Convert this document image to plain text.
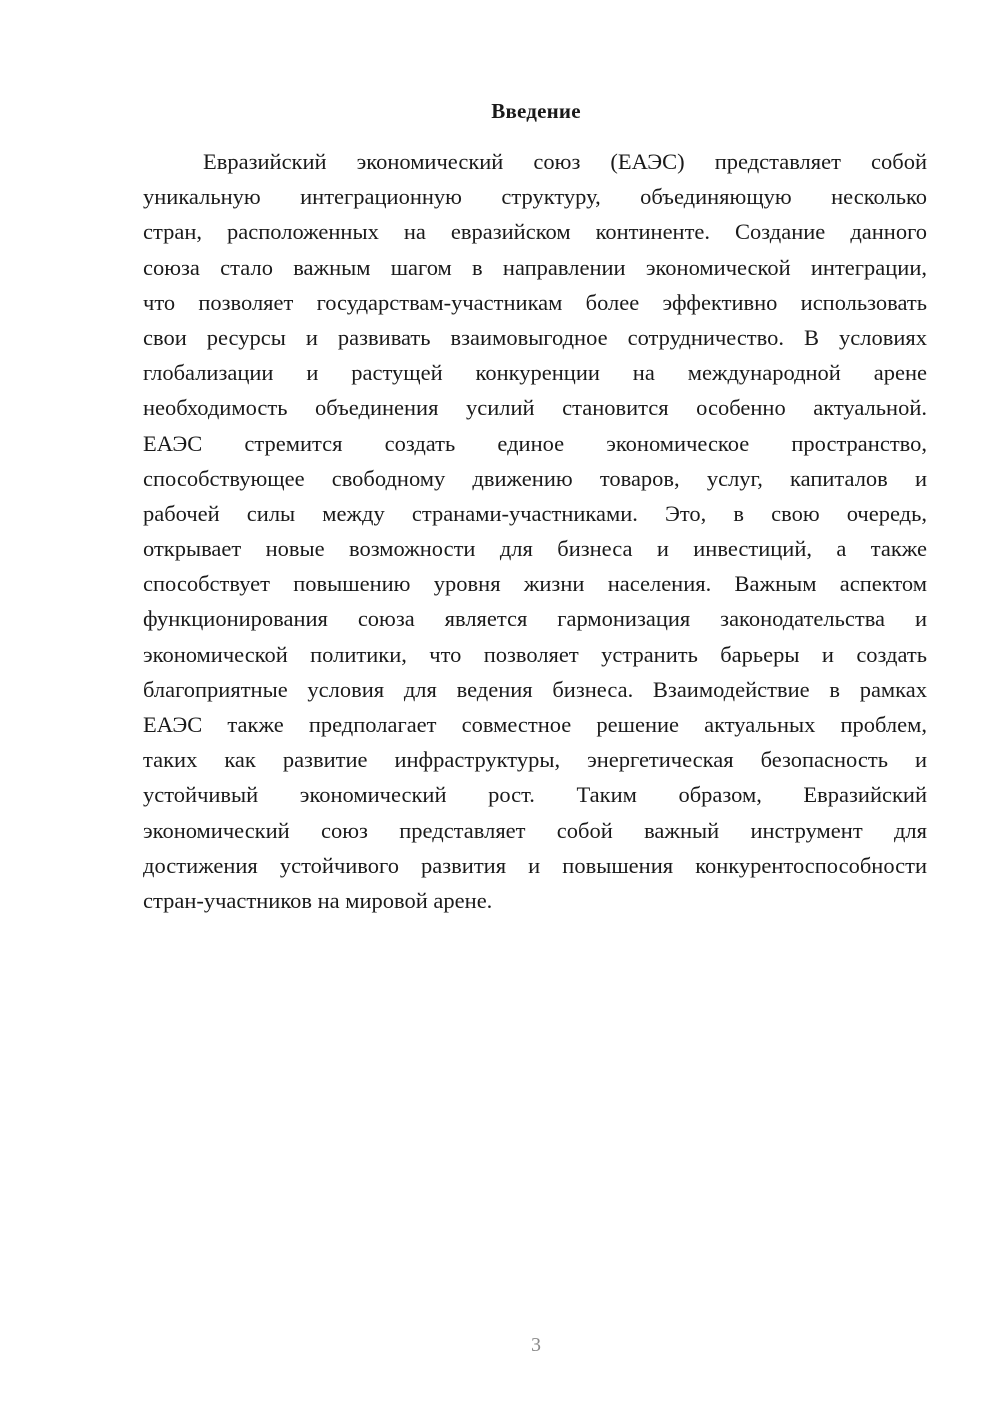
Введение
Евразийский экономический союз (ЕАЭС) представляет собой
уникальную интеграционную структуру, объединяющую несколько
стран, расположенных на евразийском континенте. Создание данного
союза стало важным шагом в направлении экономической интеграции,
что позволяет государствам-участникам более эффективно использовать
свои ресурсы и развивать взаимовыгодное сотрудничество. В условиях
глобализации и растущей конкуренции на международной арене
необходимость объединения усилий становится особенно актуальной.
ЕАЭС стремится создать единое экономическое пространство,
способствующее свободному движению товаров, услуг, капиталов и
рабочей силы между странами-участниками. Это, в свою очередь,
открывает новые возможности для бизнеса и инвестиций, а также
способствует повышению уровня жизни населения. Важным аспектом
функционирования союза является гармонизация законодательства и
экономической политики, что позволяет устранить барьеры и создать
благоприятные условия для ведения бизнеса. Взаимодействие в рамках
ЕАЭС также предполагает совместное решение актуальных проблем,
таких как развитие инфраструктуры, энергетическая безопасность и
устойчивый экономический рост. Таким образом, Евразийский
экономический союз представляет собой важный инструмент для
достижения устойчивого развития и повышения конкурентоспособности
стран-участников на мировой арене.
3
